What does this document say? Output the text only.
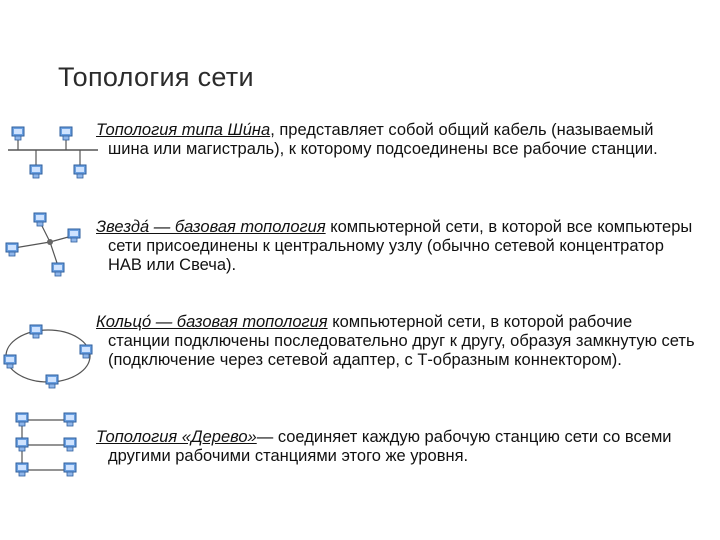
Топология сети
Топология типа Ши́на, представляет собой общий кабель (называемый шина или магистраль), к которому подсоединены все рабочие станции.
Звезда́ — базовая топология компьютерной сети, в которой все компьютеры сети присоединены к центральному узлу (обычно сетевой концентратор НАВ или Свеча).
Кольцо́ — базовая топология компьютерной сети, в которой рабочие станции подключены последовательно друг к другу, образуя замкнутую сеть (подключение через сетевой адаптер, с Т-образным коннектором).
Топология «Дерево»— соединяет каждую рабочую станцию сети со всеми другими рабочими станциями этого же уровня.
